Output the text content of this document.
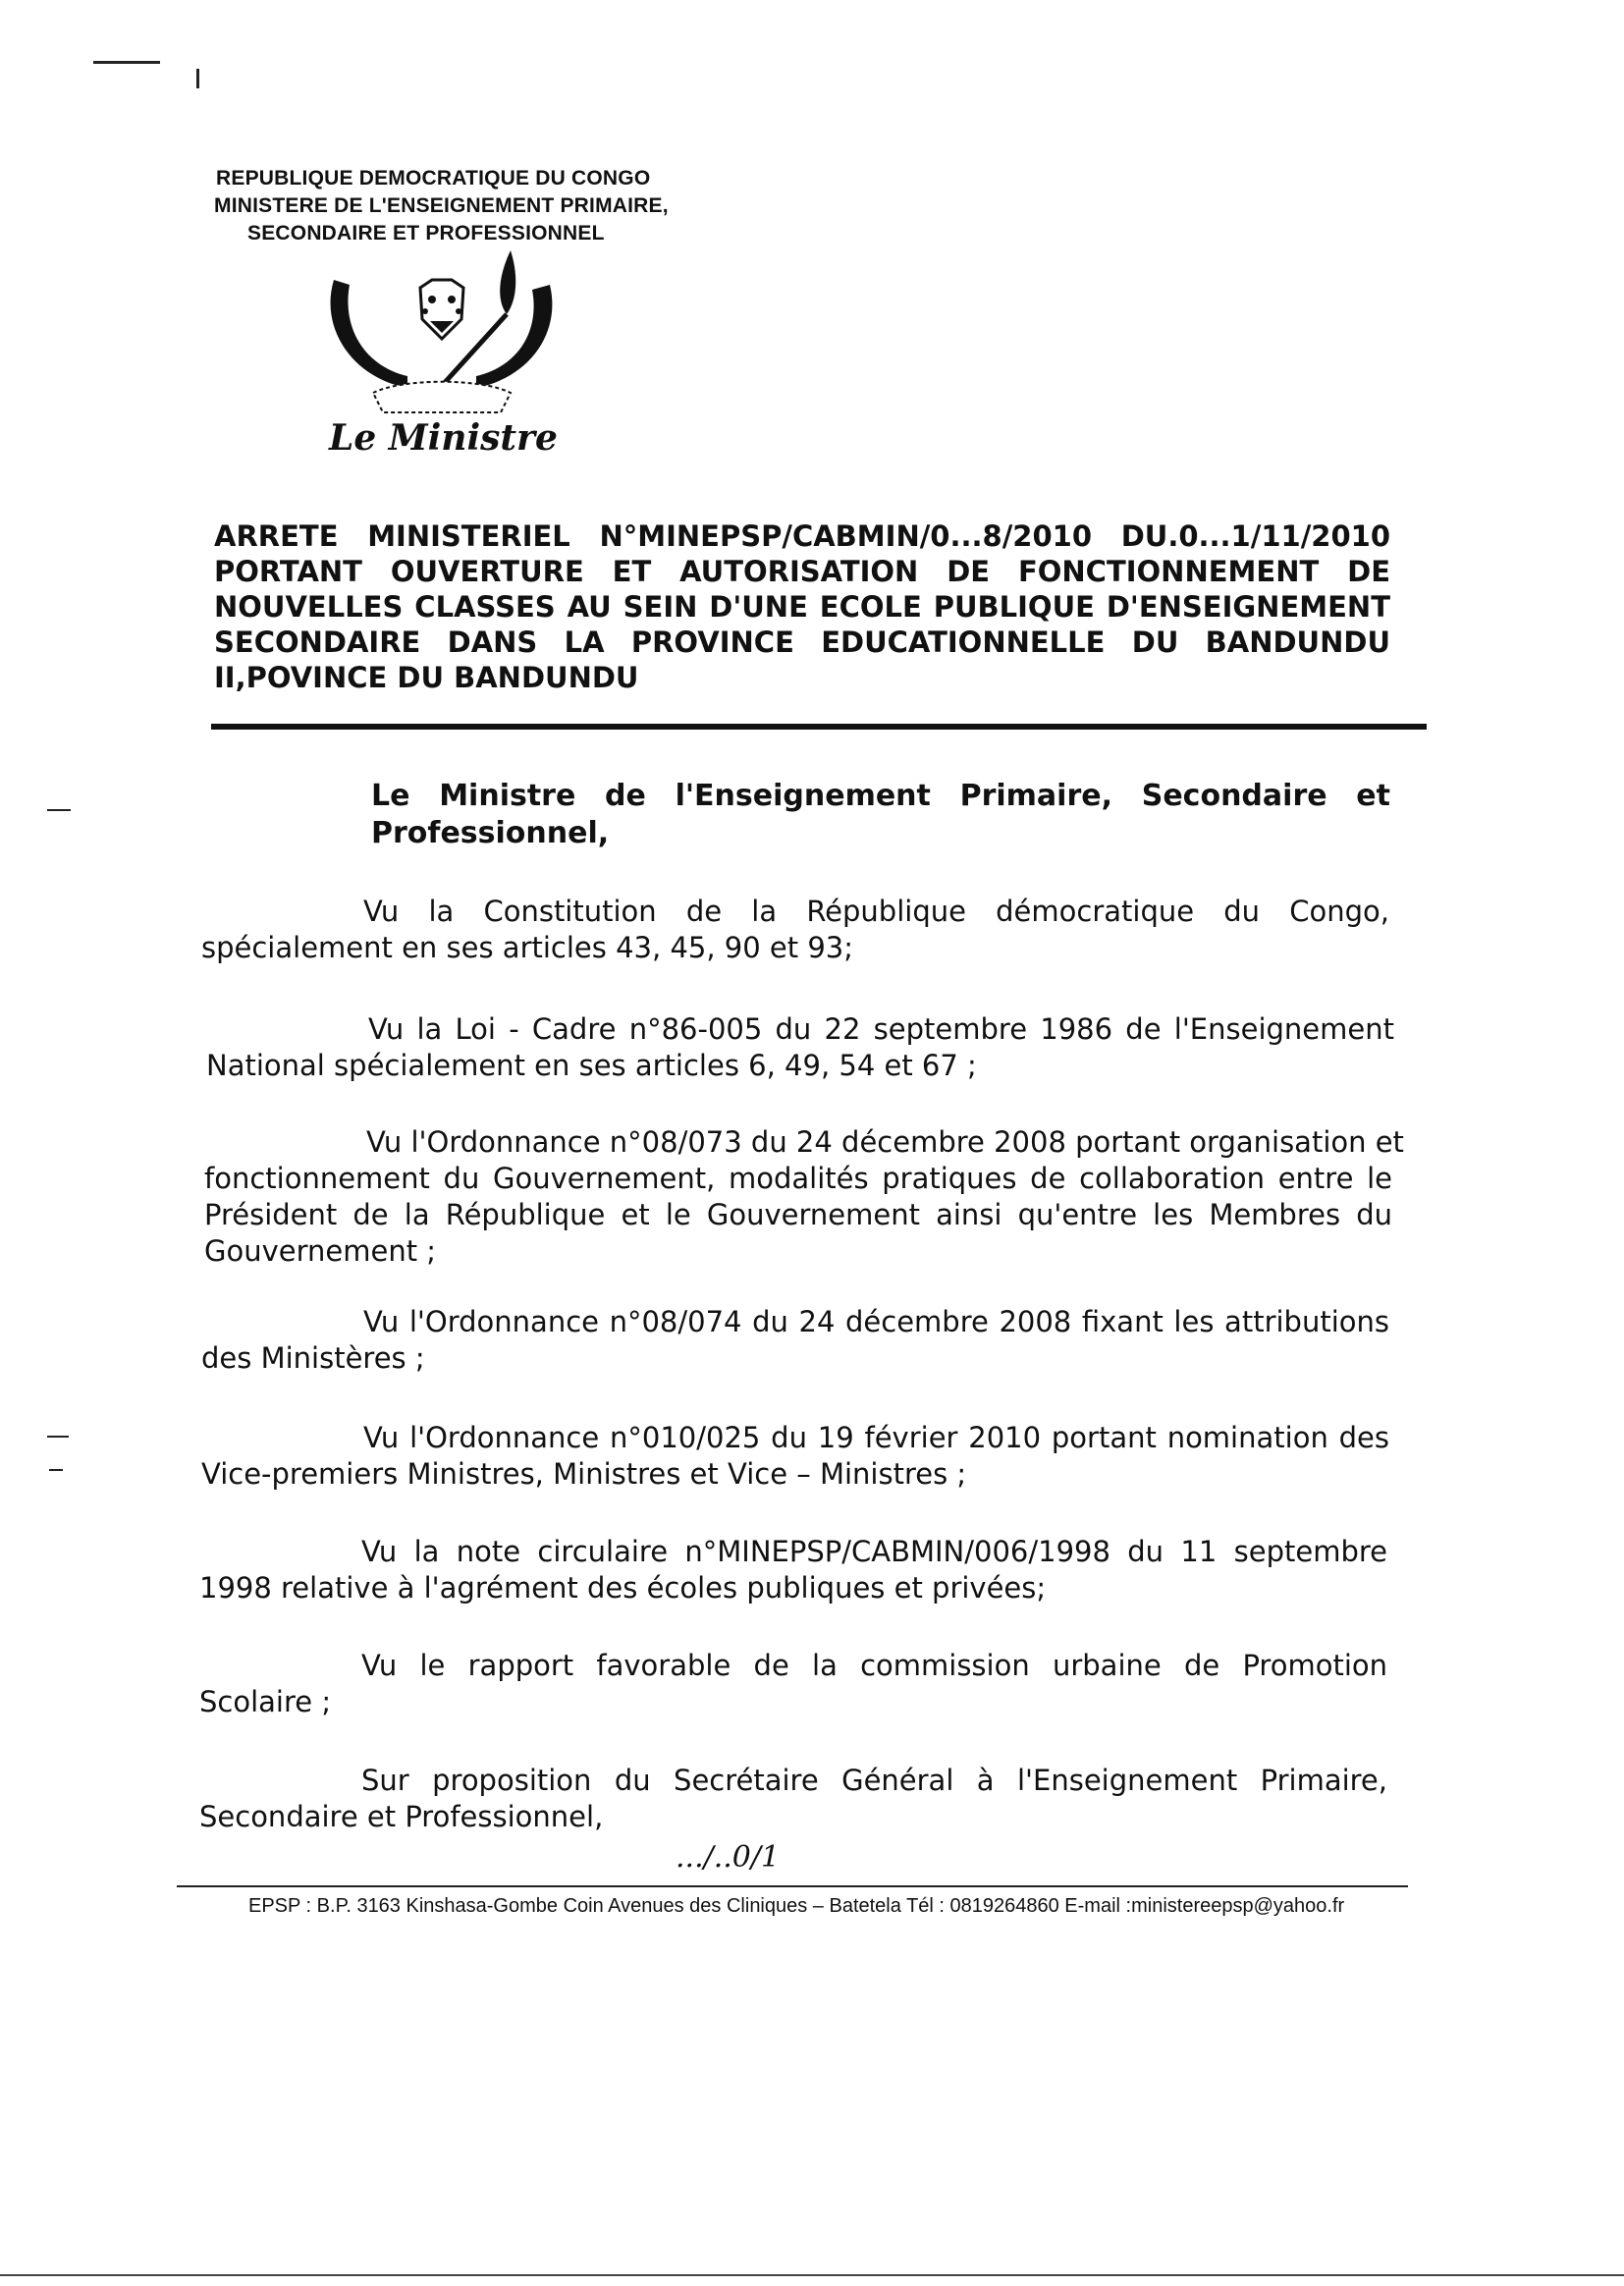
REPUBLIQUE DEMOCRATIQUE DU CONGO
MINISTERE DE L'ENSEIGNEMENT PRIMAIRE,
SECONDAIRE ET PROFESSIONNEL
Le Ministre
ARRETE MINISTERIEL N°MINEPSP/CABMIN/0...8/2010 DU.0...1/11/2010
PORTANT OUVERTURE ET AUTORISATION DE FONCTIONNEMENT DE
NOUVELLES CLASSES AU SEIN D'UNE ECOLE PUBLIQUE D'ENSEIGNEMENT
SECONDAIRE DANS LA PROVINCE EDUCATIONNELLE DU BANDUNDU
II,POVINCE DU BANDUNDU
Le Ministre de l'Enseignement Primaire, Secondaire et
Professionnel,
Vu la Constitution de la République démocratique du Congo,
spécialement en ses articles 43, 45, 90 et 93;
Vu la Loi - Cadre n°86-005 du 22 septembre 1986 de l'Enseignement
National spécialement en ses articles 6, 49, 54 et 67 ;
Vu l'Ordonnance n°08/073 du 24 décembre 2008 portant organisation et
fonctionnement du Gouvernement, modalités pratiques de collaboration entre le
Président de la République et le Gouvernement ainsi qu'entre les Membres du
Gouvernement ;
Vu l'Ordonnance n°08/074 du 24 décembre 2008 fixant les attributions
des Ministères ;
Vu l'Ordonnance n°010/025 du 19 février 2010 portant nomination des
Vice-premiers Ministres, Ministres et Vice – Ministres ;
Vu la note circulaire n°MINEPSP/CABMIN/006/1998 du 11 septembre
1998 relative à l'agrément des écoles publiques et privées;
Vu le rapport favorable de la commission urbaine de Promotion
Scolaire ;
Sur proposition du Secrétaire Général à l'Enseignement Primaire,
Secondaire et Professionnel,
.../..0/1
EPSP : B.P. 3163 Kinshasa-Gombe Coin Avenues des Cliniques – Batetela Tél : 0819264860 E-mail :ministereepsp@yahoo.fr
